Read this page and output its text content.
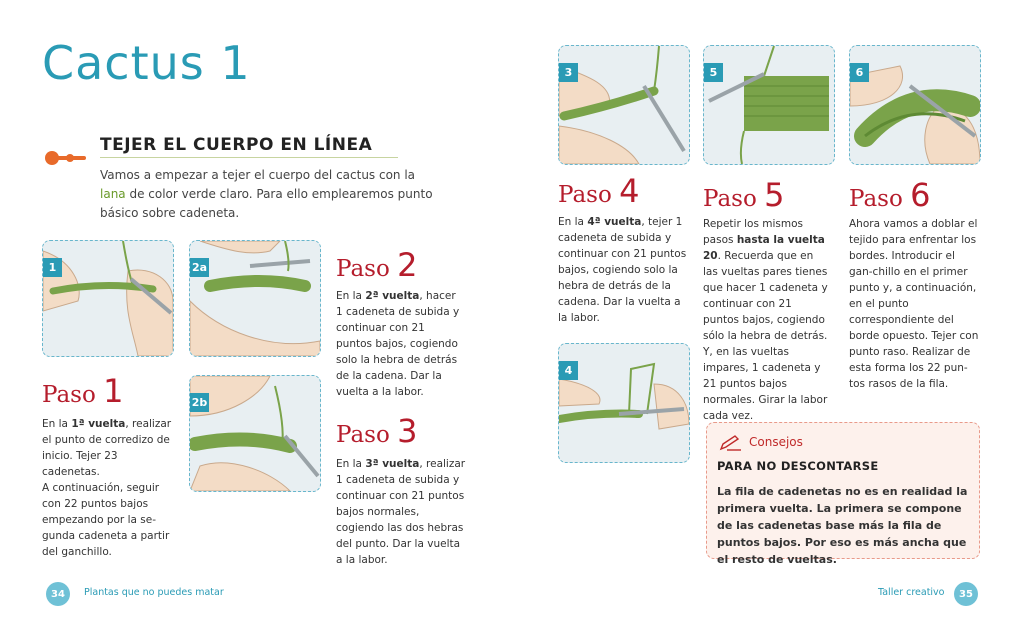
Cactus 1
TEJER EL CUERPO EN LÍNEA
Vamos a empezar a tejer el cuerpo del cactus con la lana de color verde claro. Para ello emplearemos punto básico sobre cadeneta.
1	2a
2b
Paso 1
En la 1ª vuelta, realizar el punto de corredizo de inicio. Tejer 23 cadenetas.
A continuación, seguir con 22 puntos bajos empezando por la se-gunda cadeneta a partir del ganchillo.
Paso 2
En la 2ª vuelta, hacer 1 cadeneta de subida y continuar con 21 puntos bajos, cogiendo solo la hebra de detrás de la cadena. Dar la vuelta a la labor.
Paso 3
En la 3ª vuelta, realizar 1 cadeneta de subida y continuar con 21 puntos bajos normales, cogiendo las dos hebras del punto. Dar la vuelta a la labor.
3	5	6
4
Paso 4
En la 4ª vuelta, tejer 1 cadeneta de subida y continuar con 21 puntos bajos, cogiendo solo la hebra de detrás de la cadena. Dar la vuelta a la labor.
Paso 5
Repetir los mismos pasos hasta la vuelta 20. Recuerda que en las vueltas pares tienes que hacer 1 cadeneta y continuar con 21 puntos bajos, cogiendo sólo la hebra de detrás. Y, en las vueltas impares, 1 cadeneta y 21 puntos bajos normales. Girar la labor cada vez.
Paso 6
Ahora vamos a doblar el tejido para enfrentar los bordes. Introducir el gan-chillo en el primer punto y, a continuación, en el punto correspondiente del borde opuesto. Tejer con punto raso. Realizar de esta forma los 22 pun-tos rasos de la fila.
Consejos
PARA NO DESCONTARSE
La fila de cadenetas no es en realidad la primera vuelta. La primera se compone de las cadenetas base más la fila de puntos bajos. Por eso es más ancha que el resto de vueltas.
34	Plantas que no puedes matar	Taller creativo	35
